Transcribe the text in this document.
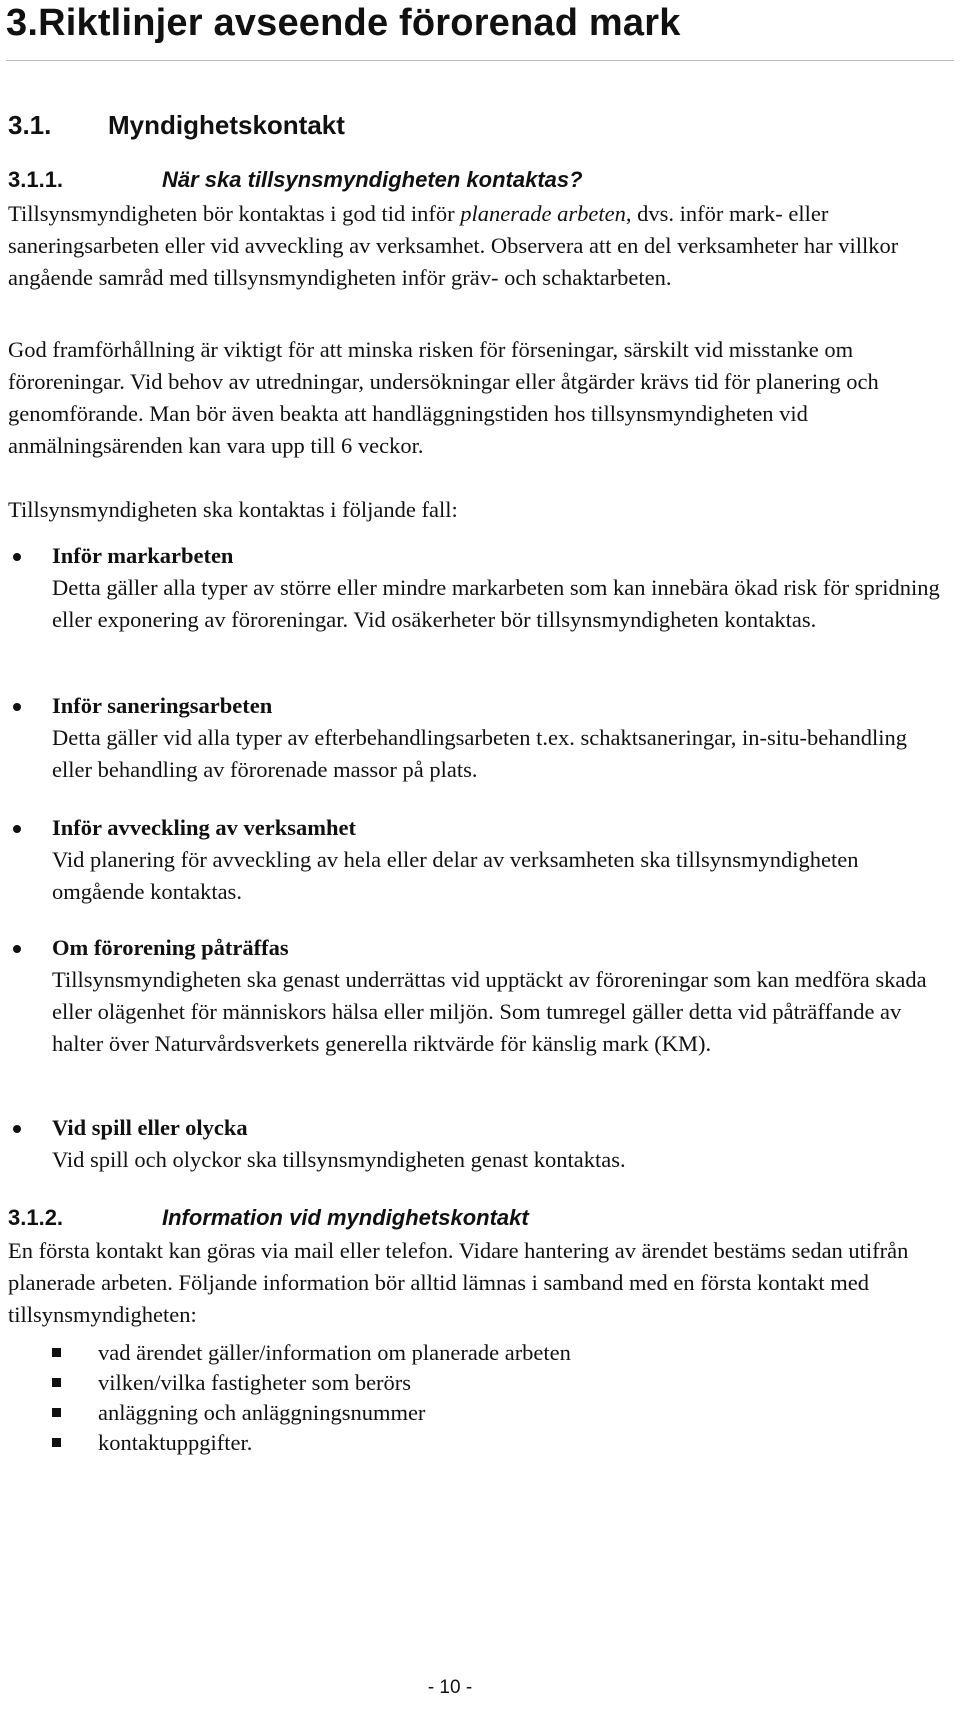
3.Riktlinjer avseende förorenad mark
3.1. Myndighetskontakt
3.1.1.	När ska tillsynsmyndigheten kontaktas?

Tillsynsmyndigheten bör kontaktas i god tid inför planerade arbeten, dvs. inför mark- eller saneringsarbeten eller vid avveckling av verksamhet. Observera att en del verksamheter har villkor angående samråd med tillsynsmyndigheten inför gräv- och schaktarbeten.

God framförhållning är viktigt för att minska risken för förseningar, särskilt vid misstanke om föroreningar. Vid behov av utredningar, undersökningar eller åtgärder krävs tid för planering och genomförande. Man bör även beakta att handläggningstiden hos tillsynsmyndigheten vid anmälningsärenden kan vara upp till 6 veckor.

Tillsynsmyndigheten ska kontaktas i följande fall:

Inför markarbeten

Detta gäller alla typer av större eller mindre markarbeten som kan innebära ökad risk för spridning eller exponering av föroreningar. Vid osäkerheter bör tillsynsmyndigheten kontaktas.

Inför saneringsarbeten

Detta gäller vid alla typer av efterbehandlingsarbeten t.ex. schaktsaneringar, in-situ-behandling eller behandling av förorenade massor på plats.

Inför avveckling av verksamhet

Vid planering för avveckling av hela eller delar av verksamheten ska tillsynsmyndigheten omgående kontaktas.

Om förorening påträffas

Tillsynsmyndigheten ska genast underrättas vid upptäckt av föroreningar som kan medföra skada eller olägenhet för människors hälsa eller miljön. Som tumregel gäller detta vid påträffande av halter över Naturvårdsverkets generella riktvärde för känslig mark (KM).

Vid spill eller olycka

Vid spill och olyckor ska tillsynsmyndigheten genast kontaktas.

3.1.2.	Information vid myndighetskontakt

En första kontakt kan göras via mail eller telefon. Vidare hantering av ärendet bestäms sedan utifrån planerade arbeten. Följande information bör alltid lämnas i samband med en första kontakt med tillsynsmyndigheten:

vad ärendet gäller/information om planerade arbeten
vilken/vilka fastigheter som berörs
anläggning och anläggningsnummer
kontaktuppgifter.
- 10 -
